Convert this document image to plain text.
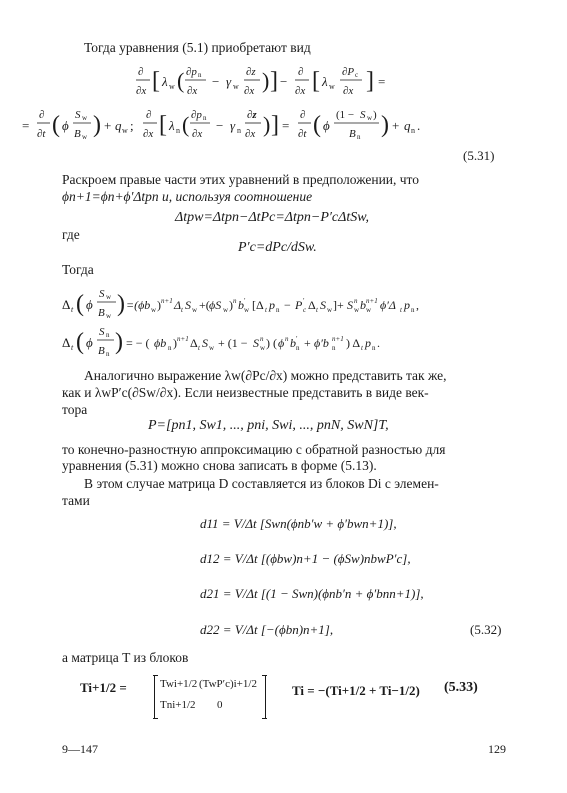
Тогда уравнения (5.1) приобретают вид
∂
∂x [ λ w ( ∂p n
∂x
− γ w
∂z
∂x ) ] −
∂
∂x [ λ w
∂P c
∂x ] =
=
∂
∂t ( ϕ
S w
B w ) + q w ;
∂
∂x [ λ n ( ∂p n
∂x
− γ n
∂z
∂x ) ] =
∂
∂t ( ϕ
(1 − S w )
B n ) + q n .
(5.31)
Раскроем правые части этих уравнений в предположении, что
ϕn+1=ϕn+ϕ′Δtpn и, используя соотношение
Δtpw=Δtpn−ΔtPc=Δtpn−P′cΔtSw,
где
P′c=dPc/dSw.
Тогда
Δ t ( ϕ
S w
B w ) =(ϕb w ) n+1 Δ t S w +( ϕS w ) n b ′
w [Δ t p n − P ′
c Δ t S w ]+ S n
w b n+1
w ϕ′Δ t p n ,
Δ t ( ϕ
S n
B n ) = − ( ϕb n ) n+1 Δ t S w + (1 − S n
w ) ( ϕ n b ′
n + ϕ′b n+1
n ) Δ t p n .
Аналогично выражение λw(∂Pc/∂x) можно представить так же,
как и λwP′c(∂Sw/∂x). Если неизвестные представить в виде век-
тора
P=[pn1, Sw1, ..., pni, Swi, ..., pnN, SwN]T,
то конечно-разностную аппроксимацию с обратной разностью для
уравнения (5.31) можно снова записать в форме (5.13).
В этом случае матрица D составляется из блоков Di с элемен-
тами
d11 = V/Δt [Swn(ϕnb′w + ϕ′bwn+1)],
d12 = V/Δt [(ϕbw)n+1 − (ϕSw)nbwP′c],
d21 = V/Δt [(1 − Swn)(ϕnb′n + ϕ′bnn+1)],
d22 = V/Δt [−(ϕbn)n+1],	(5.32)
а матрица T из блоков
Ti+1/2 =	Twi+1/2 (TwP′c)i+1/2
Tni+1/2 0
Ti = −(Ti+1/2 + Ti−1/2) (5.33)
9—147	129
